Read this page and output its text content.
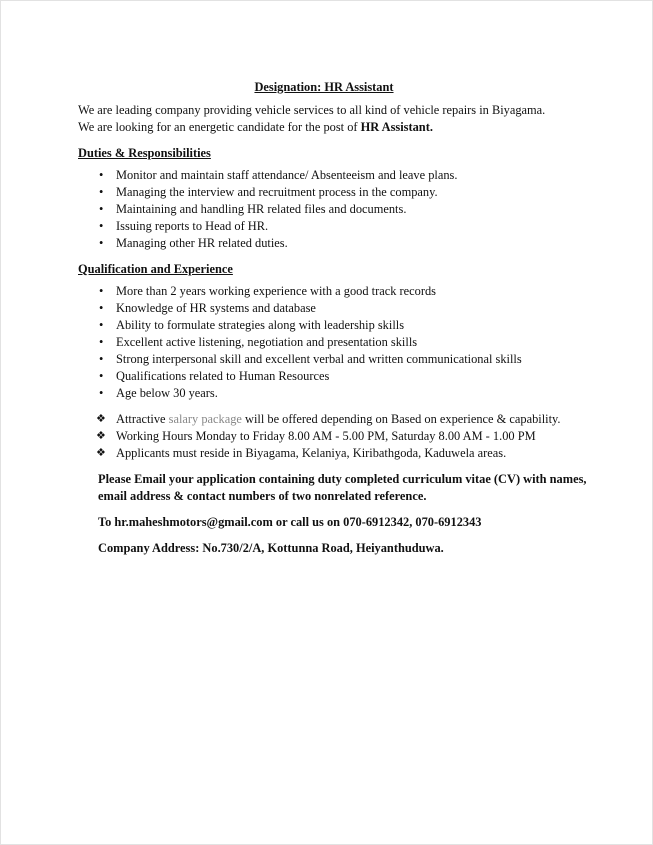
Designation: HR Assistant

We are leading company providing vehicle services to all kind of vehicle repairs in Biyagama.

We are looking for an energetic candidate for the post of HR Assistant.

Duties & Responsibilities
• Monitor and maintain staff attendance/ Absenteeism and leave plans.
• Managing the interview and recruitment process in the company.
• Maintaining and handling HR related files and documents.
• Issuing reports to Head of HR.
• Managing other HR related duties.
Qualification and Experience
• More than 2 years working experience with a good track records
• Knowledge of HR systems and database
• Ability to formulate strategies along with leadership skills
• Excellent active listening, negotiation and presentation skills
• Strong interpersonal skill and excellent verbal and written communicational skills
• Qualifications related to Human Resources
• Age below 30 years.
❖ Attractive salary package will be offered depending on Based on experience & capability.
❖ Working Hours Monday to Friday 8.00 AM - 5.00 PM, Saturday 8.00 AM - 1.00 PM
❖ Applicants must reside in Biyagama, Kelaniya, Kiribathgoda, Kaduwela areas.
Please Email your application containing duty completed curriculum vitae (CV) with names, email address & contact numbers of two nonrelated reference.
To hr.maheshmotors@gmail.com or call us on 070-6912342, 070-6912343
Company Address: No.730/2/A, Kottunna Road, Heiyanthuduwa.
